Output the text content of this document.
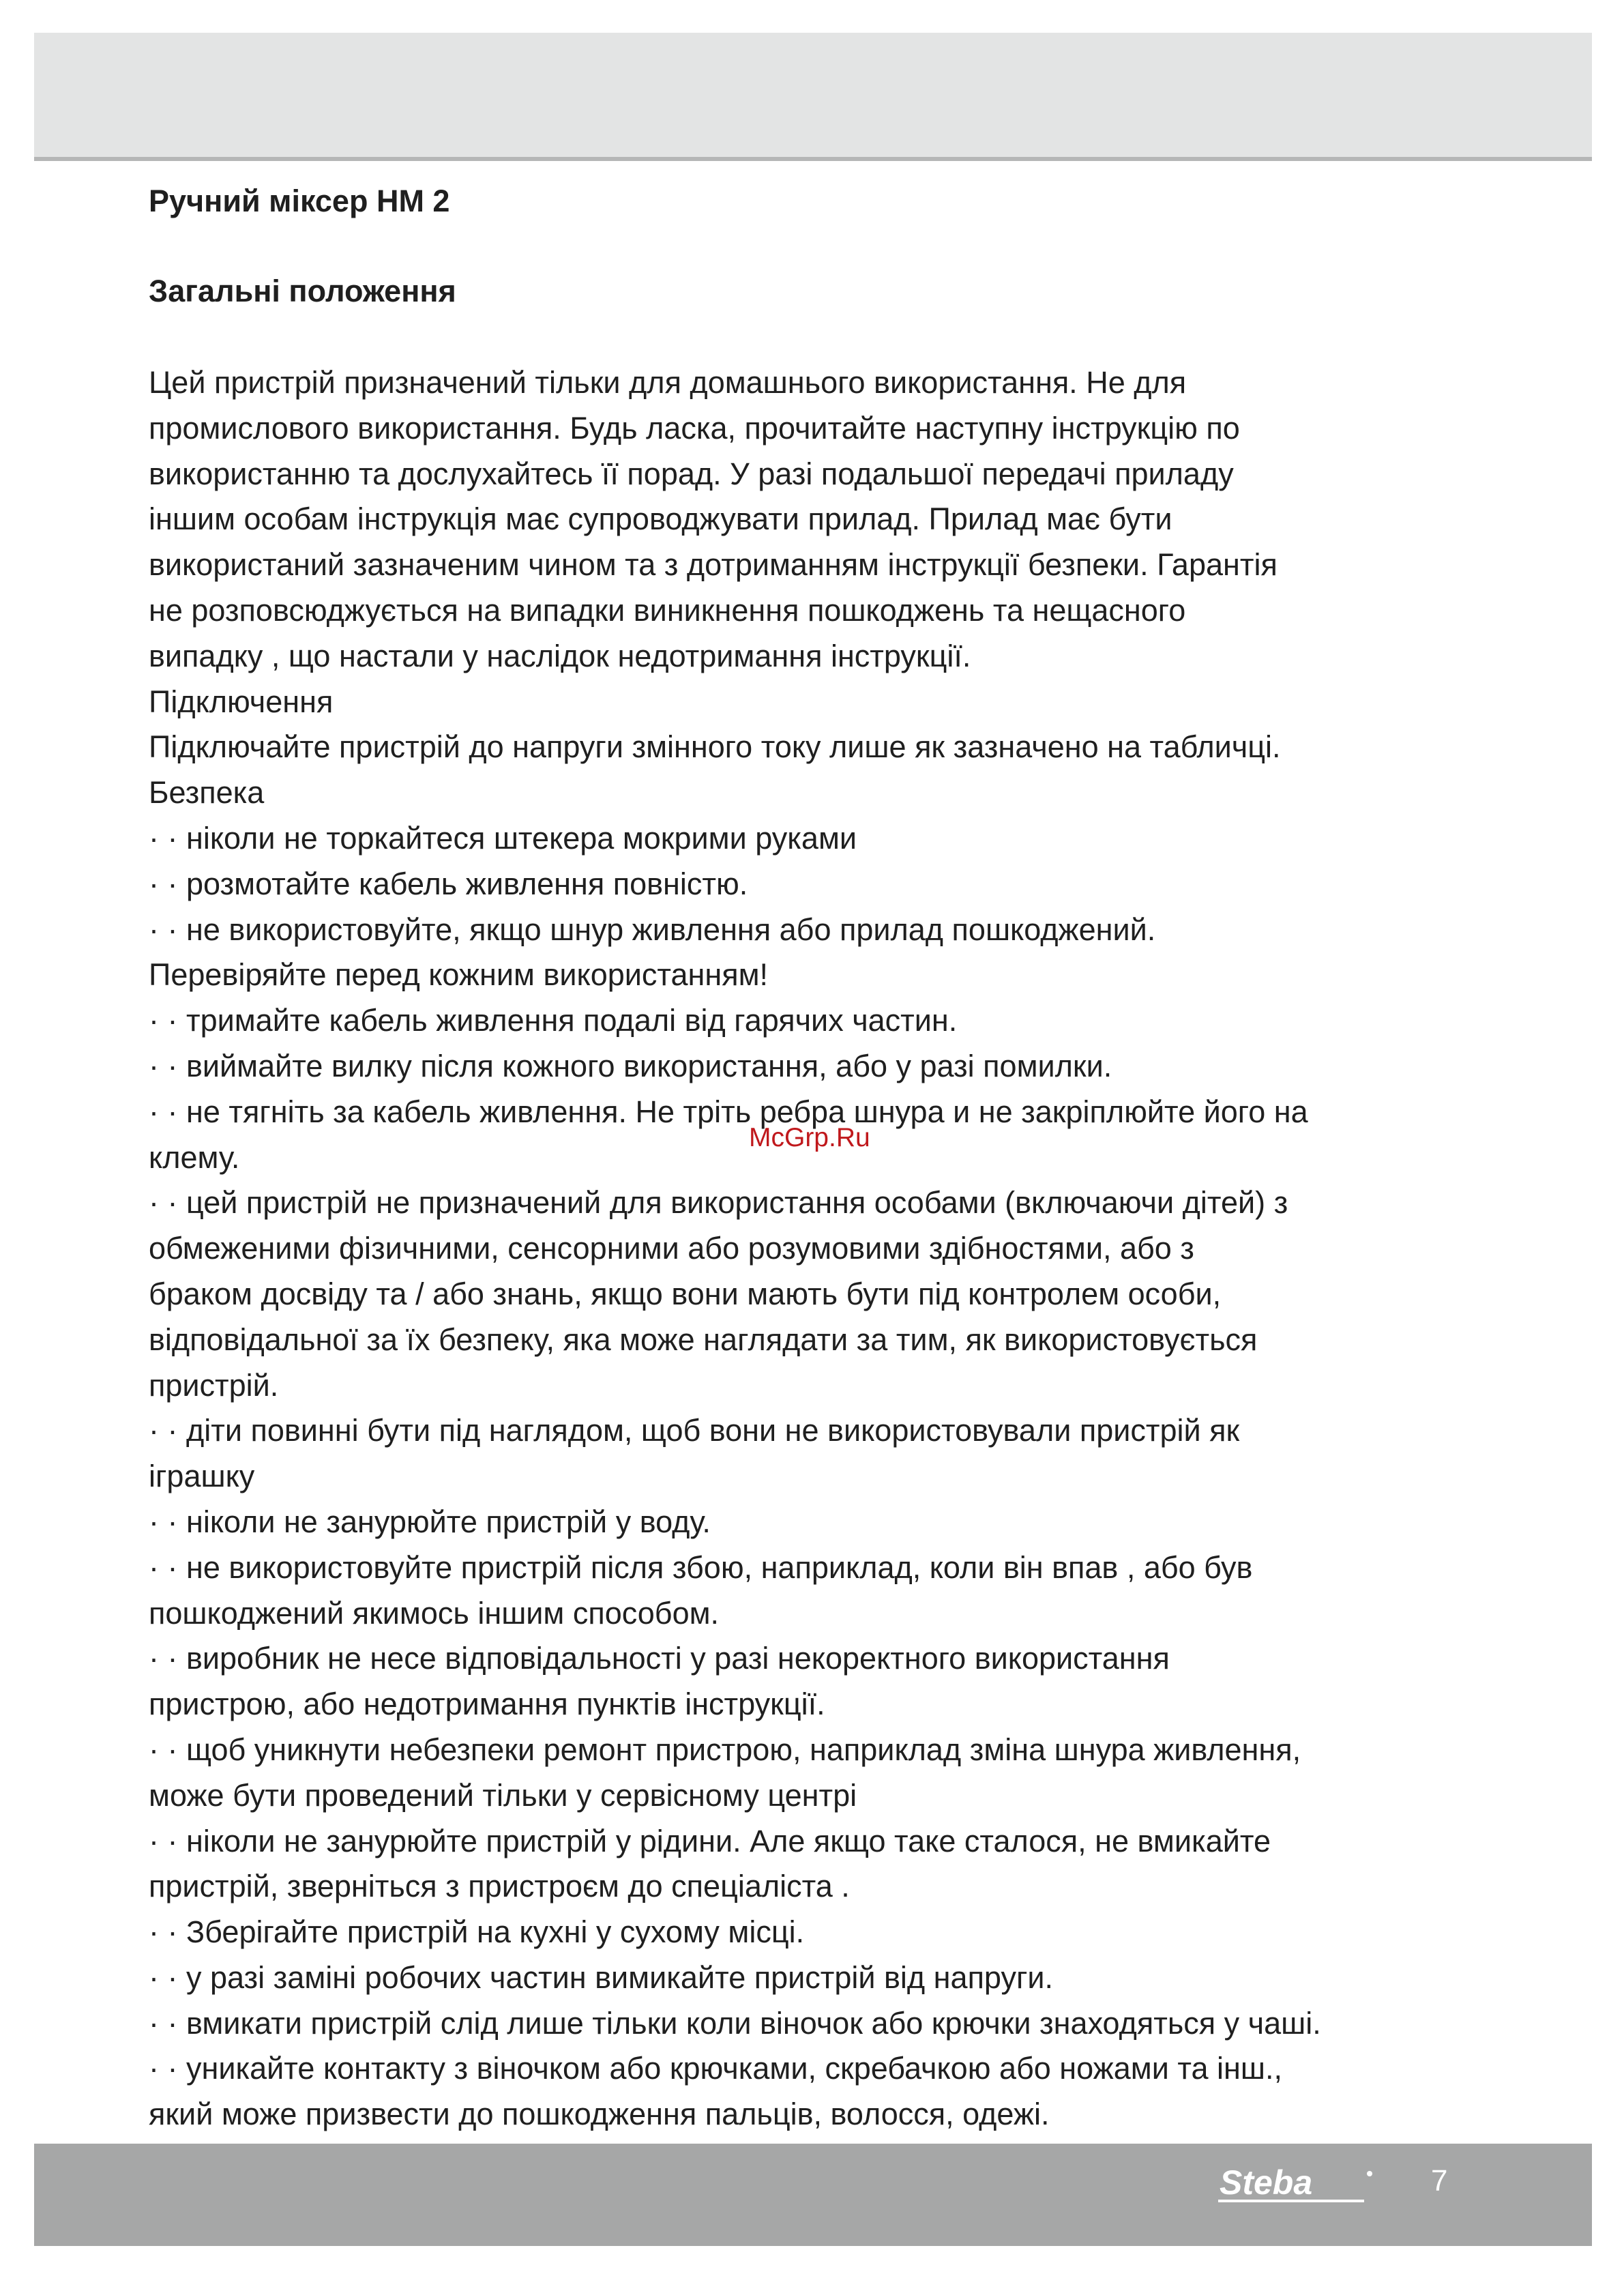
Ручний міксер HM 2
Загальні положення
Цей пристрій призначений тільки для домашнього використання. Не для
промислового використання. Будь ласка, прочитайте наступну інструкцію по
використанню та дослухайтесь її порад. У разі подальшої передачі приладу
іншим особам інструкція має супроводжувати прилад. Прилад має бути
використаний зазначеним чином та з дотриманням інструкції безпеки. Гарантія
не розповсюджується на випадки виникнення пошкоджень та нещасного
випадку , що настали у наслідок недотримання інструкції.
Підключення
Підключайте пристрій до напруги змінного току лише як зазначено на табличці.
Безпека
· · ніколи не торкайтеся штекера мокрими руками
· · розмотайте кабель живлення повністю.
· · не використовуйте, якщо шнур живлення або прилад пошкоджений.
Перевіряйте перед кожним використанням!
· · тримайте кабель живлення подалі від гарячих частин.
· · виймайте вилку після кожного використання, або у разі помилки.
· · не тягніть за кабель живлення. Не тріть ребра шнура и не закріплюйте його на
клему.
· · цей пристрій не призначений для використання особами (включаючи дітей) з
обмеженими фізичними, сенсорними або розумовими здібностями, або з
браком досвіду та / або знань, якщо вони мають бути під контролем особи,
відповідальної за їх безпеку, яка може наглядати за тим, як використовується
пристрій.
· · діти повинні бути під наглядом, щоб вони не використовували пристрій як
іграшку
· · ніколи не занурюйте пристрій у воду.
· · не використовуйте пристрій після збою, наприклад, коли він впав , або був
пошкоджений якимось іншим способом.
· · виробник не несе відповідальності у разі некоректного використання
пристрою, або недотримання пунктів інструкції.
· · щоб уникнути небезпеки ремонт пристрою, наприклад зміна шнура живлення,
може бути проведений тільки у сервісному центрі
· · ніколи не занурюйте пристрій у рідини. Але якщо таке сталося, не вмикайте
пристрій, зверніться з пристроєм до спеціаліста .
· · Зберігайте пристрій на кухні у сухому місці.
· · у разі заміні робочих частин вимикайте пристрій від напруги.
· · вмикати пристрій слід лише тільки коли віночок або крючки знаходяться у чаші.
· · уникайте контакту з віночком або крючками, скребачкою або ножами та інш.,
який може призвести до пошкодження пальців, волосся, одежі.
McGrp.Ru
Steba	7
